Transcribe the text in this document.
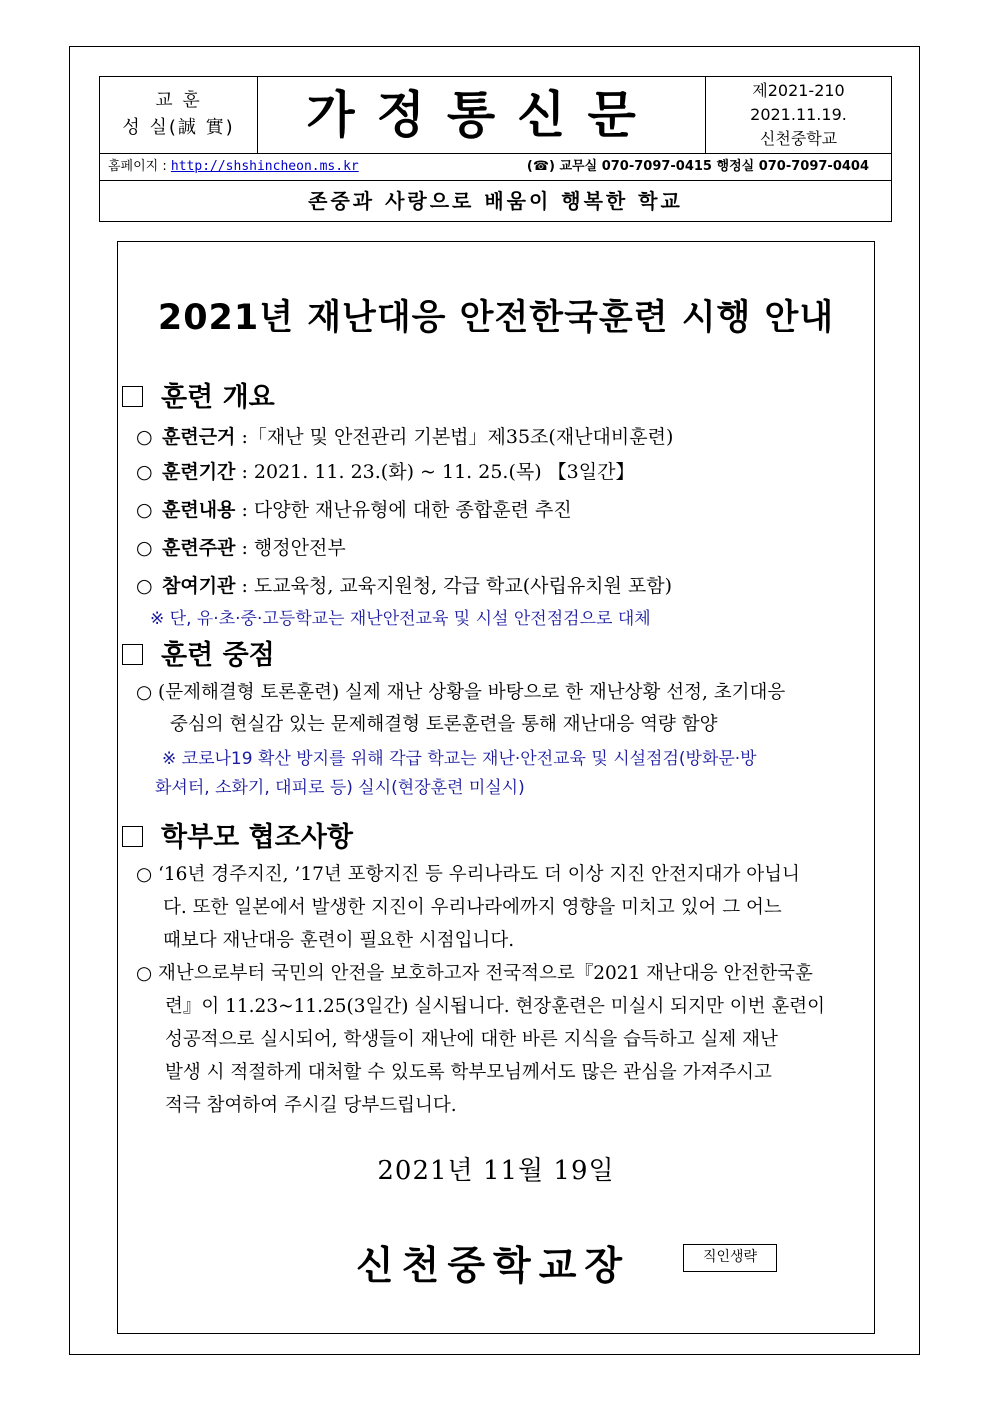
교 훈
성 실(誠 實)	가정통신문	제2021-210
2021.11.19.
신천중학교
홈페이지 : http://shshincheon.ms.kr	(☎) 교무실 070-7097-0415 행정실 070-7097-0404
존중과 사랑으로 배움이 행복한 학교
2021년 재난대응 안전한국훈련 시행 안내
훈련 개요
○ 훈련근거 :「재난 및 안전관리 기본법」제35조(재난대비훈련)
○ 훈련기간 : 2021. 11. 23.(화) ~ 11. 25.(목) 【3일간】
○ 훈련내용 : 다양한 재난유형에 대한 종합훈련 추진
○ 훈련주관 : 행정안전부
○ 참여기관 : 도교육청, 교육지원청, 각급 학교(사립유치원 포함)
※ 단, 유·초·중·고등학교는 재난안전교육 및 시설 안전점검으로 대체
훈련 중점
○ (문제해결형 토론훈련) 실제 재난 상황을 바탕으로 한 재난상황 선정, 초기대응
중심의 현실감 있는 문제해결형 토론훈련을 통해 재난대응 역량 함양
※ 코로나19 확산 방지를 위해 각급 학교는 재난·안전교육 및 시설점검(방화문·방
화셔터, 소화기, 대피로 등) 실시(현장훈련 미실시)
학부모 협조사항
○ ‘16년 경주지진, ’17년 포항지진 등 우리나라도 더 이상 지진 안전지대가 아닙니
다. 또한 일본에서 발생한 지진이 우리나라에까지 영향을 미치고 있어 그 어느
때보다 재난대응 훈련이 필요한 시점입니다.
○ 재난으로부터 국민의 안전을 보호하고자 전국적으로『2021 재난대응 안전한국훈
련』이 11.23~11.25(3일간) 실시됩니다. 현장훈련은 미실시 되지만 이번 훈련이
성공적으로 실시되어, 학생들이 재난에 대한 바른 지식을 습득하고 실제 재난
발생 시 적절하게 대처할 수 있도록 학부모님께서도 많은 관심을 가져주시고
적극 참여하여 주시길 당부드립니다.
2021년 11월 19일
신천중학교장	직인생략
